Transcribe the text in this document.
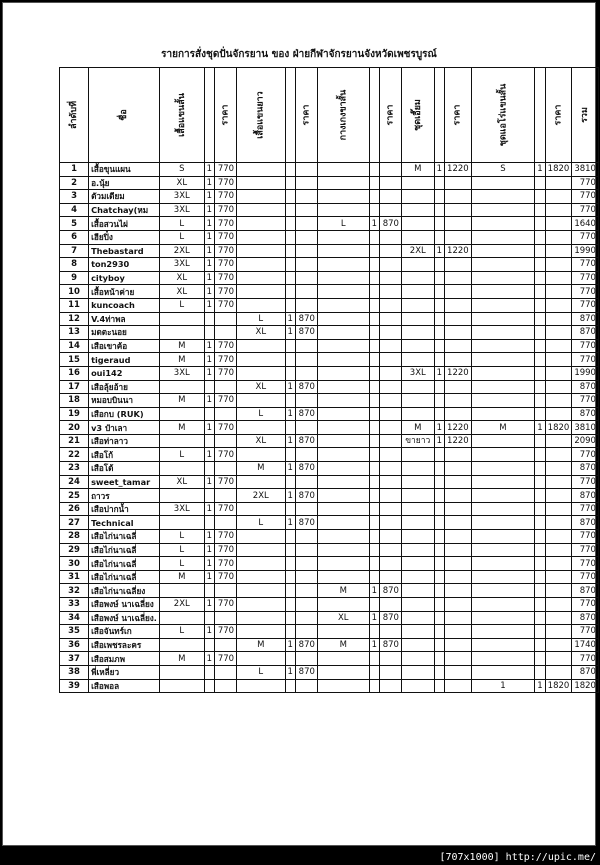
รายการสั่งชุดปั่นจักรยาน ของ ฝ่ายกีฬาจักรยานจังหวัดเพชรบูรณ์
ลำดับที่	ชื่อ	เสื้อแขนสั้น		ราคา	เสื้อแขนยาว		ราคา	กางเกงขาสั้น		ราคา	ชุดเอี๊ยม		ราคา	ชุดแอโร่แขนสั้น		ราคา	รวม
1	เสื้อขุนแผน	S	1	770							M	1	1220	S	1	1820	3810
2	อ.นุ้ย	XL	1	770													770
3	ตัวมเดียม	3XL	1	770													770
4	Chatchay(หม	3XL	1	770													770
5	เสื้อสวนไผ่	L	1	770				L	1	870							1640
6	เฮียปิ๋ง	L	1	770													770
7	Thebastard	2XL	1	770							2XL	1	1220				1990
8	ton2930	3XL	1	770													770
9	cityboy	XL	1	770													770
10	เสื้อหน้าค่าย	XL	1	770													770
11	kuncoach	L	1	770													770
12	V.4ท่าพล				L	1	870										870
13	มดตะนอย				XL	1	870										870
14	เสือเขาค้อ	M	1	770													770
15	tigeraud	M	1	770													770
16	oui142	3XL	1	770							3XL	1	1220				1990
17	เสือลุ้ยอ้าย				XL	1	870										870
18	หมอบบินนา	M	1	770													770
19	เสือกบ (RUK)				L	1	870										870
20	v3 ป๋าเลา	M	1	770							M	1	1220	M	1	1820	3810
21	เสือท่าลาว				XL	1	870				ขายาว	1	1220				2090
22	เสือโก้	L	1	770													770
23	เสือโด้				M	1	870										870
24	sweet_tamar	XL	1	770													770
25	ถาวร				2XL	1	870										870
26	เสือปากน้ำ	3XL	1	770													770
27	Technical				L	1	870										870
28	เสือไก่นาเฉลี่	L	1	770													770
29	เสือไก่นาเฉลี่	L	1	770													770
30	เสือไก่นาเฉลี่	L	1	770													770
31	เสือไก่นาเฉลี่	M	1	770													770
32	เสือไก่นาเฉลี่ยง							M	1	870							870
33	เสือพงษ์ นาเฉลี่ยง	2XL	1	770													770
34	เสือพงษ์ นาเฉลี่ยง.							XL	1	870							870
35	เสือจันทร์เก	L	1	770													770
36	เสือเพชรละคร				M	1	870	M	1	870							1740
37	เสือสมภพ	M	1	770													770
38	พี่เหลี่ยว				L	1	870										870
39	เสือพอล													1	1	1820	1820
[707x1000] http://upic.me/
